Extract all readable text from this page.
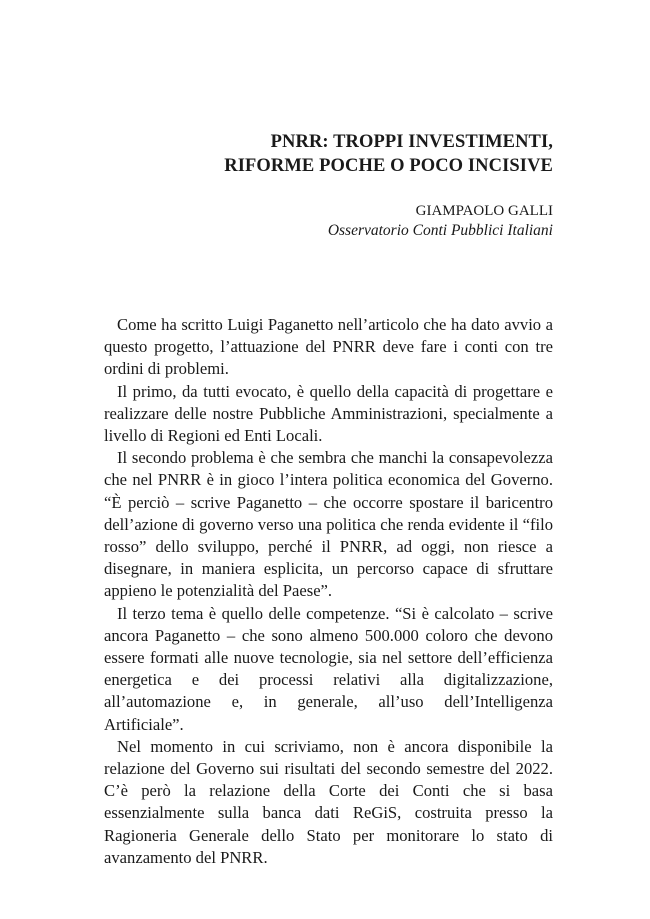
PNRR: TROPPI INVESTIMENTI,
RIFORME POCHE O POCO INCISIVE
GIAMPAOLO GALLI
Osservatorio Conti Pubblici Italiani

Come ha scritto Luigi Paganetto nell’articolo che ha dato avvio a questo progetto, l’attuazione del PNRR deve fare i conti con tre ordini di problemi.

Il primo, da tutti evocato, è quello della capacità di progettare e realizzare delle nostre Pubbliche Amministrazioni, specialmente a livello di Regioni ed Enti Locali.

Il secondo problema è che sembra che manchi la consapevolezza che nel PNRR è in gioco l’intera politica economica del Governo. “È perciò – scrive Paganetto – che occorre spostare il baricentro dell’azione di governo verso una politica che renda evidente il “filo rosso” dello sviluppo, perché il PNRR, ad oggi, non riesce a disegnare, in maniera esplicita, un percorso capace di sfruttare appieno le potenzialità del Paese”.

Il terzo tema è quello delle competenze. “Si è calcolato – scrive ancora Paganetto – che sono almeno 500.000 coloro che devono essere formati alle nuove tecnologie, sia nel settore dell’efficienza energetica e dei processi relativi alla digitalizzazione, all’automazione e, in generale, all’uso dell’Intelligenza Artificiale”.

Nel momento in cui scriviamo, non è ancora disponibile la relazione del Governo sui risultati del secondo semestre del 2022. C’è però la relazione della Corte dei Conti che si basa essenzialmente sulla banca dati ReGiS, costruita presso la Ragioneria Generale dello Stato per monitorare lo stato di avanzamento del PNRR.
